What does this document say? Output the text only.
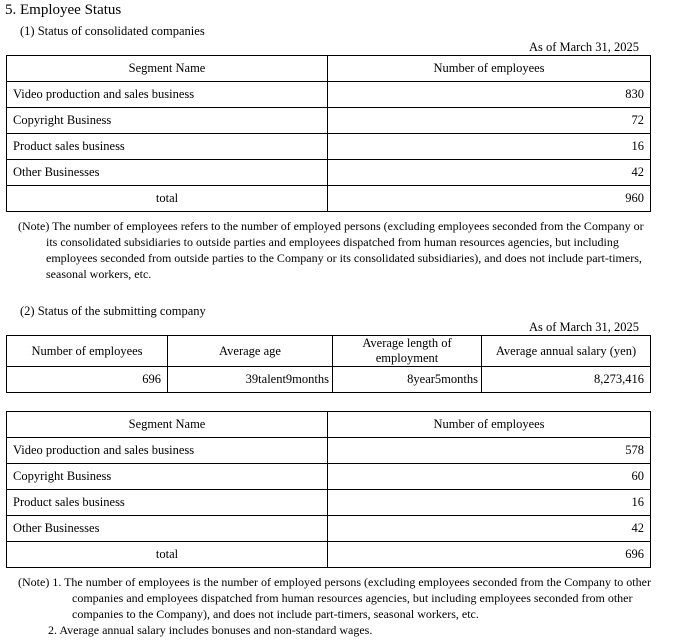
5. Employee Status
(1) Status of consolidated companies
As of March 31, 2025
Segment Name	Number of employees
Video production and sales business	830
Copyright Business	72
Product sales business	16
Other Businesses	42
total	960
(Note) The number of employees refers to the number of employed persons (excluding employees seconded from the Company or
its consolidated subsidiaries to outside parties and employees dispatched from human resources agencies, but including
employees seconded from outside parties to the Company or its consolidated subsidiaries), and does not include part-timers,
seasonal workers, etc.
(2) Status of the submitting company
As of March 31, 2025
Number of employees	Average age	Average length of employment	Average annual salary (yen)
696	39talent9months	8year5months	8,273,416
Segment Name	Number of employees
Video production and sales business	578
Copyright Business	60
Product sales business	16
Other Businesses	42
total	696
(Note) 1. The number of employees is the number of employed persons (excluding employees seconded from the Company to other
companies and employees dispatched from human resources agencies, but including employees seconded from other
companies to the Company), and does not include part-timers, seasonal workers, etc.
2. Average annual salary includes bonuses and non-standard wages.
